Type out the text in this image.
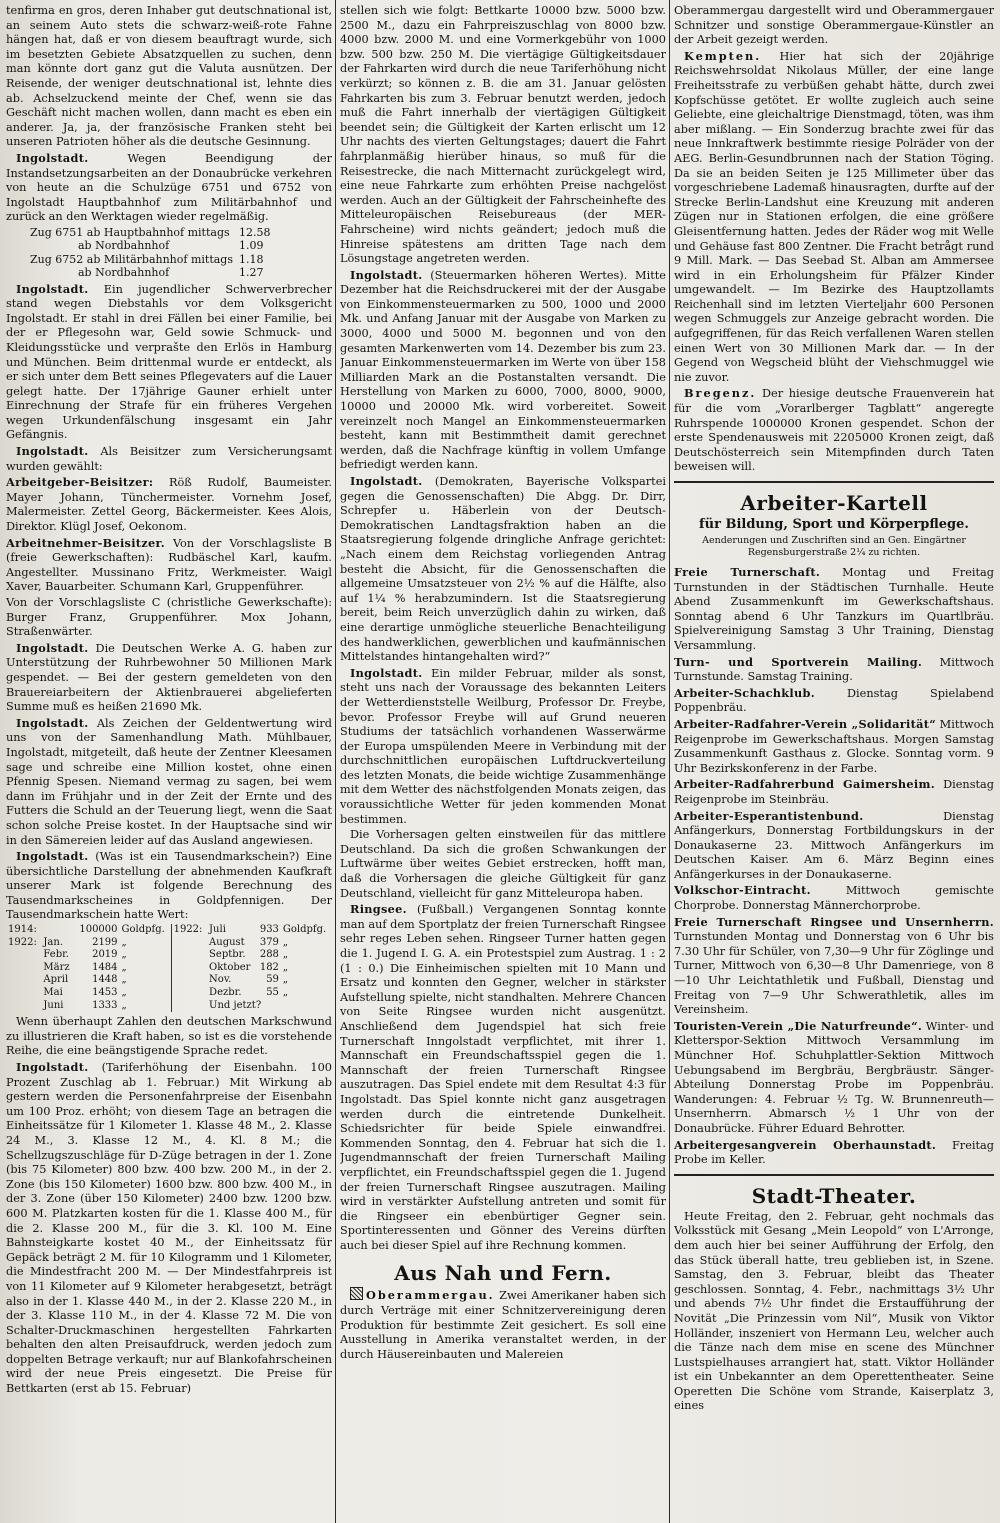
tenfirma en gros, deren Inhaber gut deutschnational ist, an seinem Auto stets die schwarz-weiß-rote Fahne hängen hat, daß er von diesem beauftragt wurde, sich im besetzten Gebiete Absatzquellen zu suchen, denn man könnte dort ganz gut die Valuta ausnützen. Der Reisende, der weniger deutschnational ist, lehnte dies ab. Achselzuckend meinte der Chef, wenn sie das Geschäft nicht machen wollen, dann macht es eben ein anderer. Ja, ja, der französische Franken steht bei unseren Patrioten höher als die deutsche Gesinnung.

Ingolstadt.	Wegen Beendigung der Instandsetzungsarbeiten an der Donaubrücke verkehren von heute an die Schulzüge 6751 und 6752 von Ingolstadt Hauptbahnhof zum Militärbahnhof und zurück an den Werktagen wieder regelmäßig.

Zug 6751 ab Hauptbahnhof mittags	12.58
ab Nordbahnhof	1.09
Zug 6752 ab Militärbahnhof mittags	1.18
ab Nordbahnhof	1.27

Ingolstadt. Ein jugendlicher Schwerverbrecher stand wegen Diebstahls vor dem Volksgericht Ingolstadt. Er stahl in drei Fällen bei einer Familie, bei der er Pflegesohn war, Geld sowie Schmuck- und Kleidungsstücke und verprašte den Erlös in Hamburg und München. Beim drittenmal wurde er entdeckt, als er sich unter dem Bett seines Pflegevaters auf die Lauer gelegt hatte. Der 17jährige Gauner erhielt unter Einrechnung der Strafe für ein früheres Vergehen wegen Urkundenfälschung insgesamt ein Jahr Gefängnis.

Ingolstadt. Als Beisitzer zum Versicherungsamt wurden gewählt:

Arbeitgeber-Beisitzer: Röß Rudolf, Baumeister. Mayer Johann, Tünchermeister. Vornehm Josef, Malermeister. Zettel Georg, Bäckermeister. Kees Alois, Direktor. Klügl Josef, Oekonom.

Arbeitnehmer-Beisitzer. Von der Vorschlagsliste B (freie Gewerkschaften): Rudbäschel Karl, kaufm. Angestellter. Mussinano Fritz, Werkmeister. Waigl Xaver, Bauarbeiter. Schumann Karl, Gruppenführer.

Von der Vorschlagsliste C (christliche Gewerkschafte): Burger Franz, Gruppenführer. Mox Johann, Straßenwärter.

Ingolstadt. Die Deutschen Werke A. G. haben zur Unterstützung der Ruhrbewohner 50 Millionen Mark gespendet. — Bei der gestern gemeldeten von den Brauereiarbeitern der Aktienbrauerei abgelieferten Summe muß es heißen 21690 Mk.

Ingolstadt. Als Zeichen der Geldentwertung wird uns von der Samenhandlung Math. Mühlbauer, Ingolstadt, mitgeteilt, daß heute der Zentner Kleesamen sage und schreibe eine Million kostet, ohne einen Pfennig Spesen. Niemand vermag zu sagen, bei wem dann im Frühjahr und in der Zeit der Ernte und des Futters die Schuld an der Teuerung liegt, wenn die Saat schon solche Preise kostet. In der Hauptsache sind wir in den Sämereien leider auf das Ausland angewiesen.

Ingolstadt. (Was ist ein Tausendmarkschein?) Eine übersichtliche Darstellung der abnehmenden Kaufkraft unserer Mark ist folgende Berechnung des Tausendmarkscheines in Goldpfennigen. Der Tausendmarkschein hatte Wert:

1914:		100000	Goldpfg.	1922:	Juli	933	Goldpfg.
1922:	Jan.	2199	„		August	379	„
	Febr.	2019	„		Septbr.	288	„
	März	1484	„		Oktober	182	„
	April	1448	„		Nov.	59	„
	Mai	1453	„		Dezbr.	55	„
	Juni	1333	„		Und jetzt?		

Wenn überhaupt Zahlen den deutschen Markschwund zu illustrieren die Kraft haben, so ist es die vorstehende Reihe, die eine beängstigende Sprache redet.

Ingolstadt. (Tariferhöhung der Eisenbahn. 100 Prozent Zuschlag ab 1. Februar.) Mit Wirkung ab gestern werden die Personenfahrpreise der Eisenbahn um 100 Proz. erhöht; von diesem Tage an betragen die Einheitssätze für 1 Kilometer 1. Klasse 48 M., 2. Klasse 24 M., 3. Klasse 12 M., 4. Kl. 8 M.; die Schellzugszuschläge für D-Züge betragen in der 1. Zone (bis 75 Kilometer) 800 bzw. 400 bzw. 200 M., in der 2. Zone (bis 150 Kilometer) 1600 bzw. 800 bzw. 400 M., in der 3. Zone (über 150 Kilometer) 2400 bzw. 1200 bzw. 600 M. Platzkarten kosten für die 1. Klasse 400 M., für die 2. Klasse 200 M., für die 3. Kl. 100 M. Eine Bahnsteigkarte kostet 40 M., der Einheitssatz für Gepäck beträgt 2 M. für 10 Kilogramm und 1 Kilometer, die Mindestfracht 200 M. — Der Mindestfahrpreis ist von 11 Kilometer auf 9 Kilometer herabgesetzt, beträgt also in der 1. Klasse 440 M., in der 2. Klasse 220 M., in der 3. Klasse 110 M., in der 4. Klasse 72 M. Die von Schalter-Druckmaschinen hergestellten Fahrkarten behalten den alten Preisaufdruck, werden jedoch zum doppelten Betrage verkauft; nur auf Blankofahrscheinen wird der neue Preis eingesetzt. Die Preise für Bettkarten (erst ab 15. Februar)

stellen sich wie folgt: Bettkarte 10000 bzw. 5000 bzw. 2500 M., dazu ein Fahrpreiszuschlag von 8000 bzw. 4000 bzw. 2000 M. und eine Vormerkgebühr von 1000 bzw. 500 bzw. 250 M. Die viertägige Gültigkeitsdauer der Fahrkarten wird durch die neue Tariferhöhung nicht verkürzt; so können z. B. die am 31. Januar gelösten Fahrkarten bis zum 3. Februar benutzt werden, jedoch muß die Fahrt innerhalb der viertägigen Gültigkeit beendet sein; die Gültigkeit der Karten erlischt um 12 Uhr nachts des vierten Geltungstages; dauert die Fahrt fahrplanmäßig hierüber hinaus, so muß für die Reisestrecke, die nach Mitternacht zurückgelegt wird, eine neue Fahrkarte zum erhöhten Preise nachgelöst werden. Auch an der Gültigkeit der Fahrscheinhefte des Mitteleuropäischen Reisebureaus (der MER-Fahrscheine) wird nichts geändert; jedoch muß die Hinreise spätestens am dritten Tage nach dem Lösungstage angetreten werden.

Ingolstadt. (Steuermarken höheren Wertes). Mitte Dezember hat die Reichsdruckerei mit der der Ausgabe von Einkommensteuermarken zu 500, 1000 und 2000 Mk. und Anfang Januar mit der Ausgabe von Marken zu 3000, 4000 und 5000 M. begonnen und von den gesamten Markenwerten vom 14. Dezember bis zum 23. Januar Einkommensteuermarken im Werte von über 158 Milliarden Mark an die Postanstalten versandt. Die Herstellung von Marken zu 6000, 7000, 8000, 9000, 10000 und 20000 Mk. wird vorbereitet. Soweit vereinzelt noch Mangel an Einkommensteuermarken besteht, kann mit Bestimmtheit damit gerechnet werden, daß die Nachfrage künftig in vollem Umfange befriedigt werden kann.

Ingolstadt. (Demokraten, Bayerische Volkspartei gegen die Genossenschaften) Die Abgg. Dr. Dirr, Schrepfer u. Häberlein von der Deutsch-Demokratischen Landtagsfraktion haben an die Staatsregierung folgende dringliche Anfrage gerichtet: „Nach einem dem Reichstag vorliegenden Antrag besteht die Absicht, für die Genossenschaften die allgemeine Umsatzsteuer von 2½ % auf die Hälfte, also auf 1¼ % herabzumindern. Ist die Staatsregierung bereit, beim Reich unverzüglich dahin zu wirken, daß eine derartige unmögliche steuerliche Benachteiligung des handwerklichen, gewerblichen und kaufmännischen Mittelstandes hintangehalten wird?“

Ingolstadt. Ein milder Februar, milder als sonst, steht uns nach der Voraussage des bekannten Leiters der Wetterdienststelle Weilburg, Professor Dr. Freybe, bevor. Professor Freybe will auf Grund neueren Studiums der tatsächlich vorhandenen Wasserwärme der Europa umspülenden Meere in Verbindung mit der durchschnittlichen europäischen Luftdruckverteilung des letzten Monats, die beide wichtige Zusammenhänge mit dem Wetter des nächstfolgenden Monats zeigen, das voraussichtliche Wetter für jeden kommenden Monat bestimmen.

Die Vorhersagen gelten einstweilen für das mittlere Deutschland. Da sich die großen Schwankungen der Luftwärme über weites Gebiet erstrecken, hofft man, daß die Vorhersagen die gleiche Gültigkeit für ganz Deutschland, vielleicht für ganz Mitteleuropa haben.

Ringsee. (Fußball.) Vergangenen Sonntag konnte man auf dem Sportplatz der freien Turnerschaft Ringsee sehr reges Leben sehen. Ringseer Turner hatten gegen die 1. Jugend I. G. A. ein Protestspiel zum Austrag. 1 : 2 (1 : 0.) Die Einheimischen spielten mit 10 Mann und Ersatz und konnten den Gegner, welcher in stärkster Aufstellung spielte, nicht standhalten. Mehrere Chancen von Seite Ringsee wurden nicht ausgenützt. Anschließend dem Jugendspiel hat sich freie Turnerschaft Inngolstadt verpflichtet, mit ihrer 1. Mannschaft ein Freundschaftsspiel gegen die 1. Mannschaft der freien Turnerschaft Ringsee auszutragen. Das Spiel endete mit dem Resultat 4:3 für Ingolstadt. Das Spiel konnte nicht ganz ausgetragen werden durch die eintretende Dunkelheit. Schiedsrichter für beide Spiele einwandfrei. Kommenden Sonntag, den 4. Februar hat sich die 1. Jugendmannschaft der freien Turnerschaft Mailing verpflichtet, ein Freundschaftsspiel gegen die 1. Jugend der freien Turnerschaft Ringsee auszutragen. Mailing wird in verstärkter Aufstellung antreten und somit für die Ringseer ein ebenbürtiger Gegner sein. Sportinteressenten und Gönner des Vereins dürften auch bei dieser Spiel auf ihre Rechnung kommen.

Aus Nah und Fern.

Oberammergau. Zwei Amerikaner haben sich durch Verträge mit einer Schnitzervereinigung deren Produktion für bestimmte Zeit gesichert. Es soll eine Ausstellung in Amerika veranstaltet werden, in der durch Häusereinbauten und Malereien

Oberammergau dargestellt wird und Oberammergauer Schnitzer und sonstige Oberammergaue-Künstler an der Arbeit gezeigt werden.

Kempten. Hier hat sich der 20jährige Reichswehrsoldat Nikolaus Müller, der eine lange Freiheitsstrafe zu verbüßen gehabt hätte, durch zwei Kopfschüsse getötet. Er wollte zugleich auch seine Geliebte, eine gleichaltrige Dienstmagd, töten, was ihm aber mißlang. — Ein Sonderzug brachte zwei für das neue Innkraftwerk bestimmte riesige Polräder von der AEG. Berlin-Gesundbrunnen nach der Station Töging. Da sie an beiden Seiten je 125 Millimeter über das vorgeschriebene Lademaß hinausragten, durfte auf der Strecke Berlin-Landshut eine Kreuzung mit anderen Zügen nur in Stationen erfolgen, die eine größere Gleisentfernung hatten. Jedes der Räder wog mit Welle und Gehäuse fast 800 Zentner. Die Fracht betrågt rund 9 Mill. Mark. — Das Seebad St. Alban am Ammersee wird in ein Erholungsheim für Pfälzer Kinder umgewandelt. — Im Bezirke des Hauptzollamts Reichenhall sind im letzten Vierteljahr 600 Personen wegen Schmuggels zur Anzeige gebracht worden. Die aufgegriffenen, für das Reich verfallenen Waren stellen einen Wert von 30 Millionen Mark dar. — In der Gegend von Wegscheid blüht der Viehschmuggel wie nie zuvor.

Bregenz. Der hiesige deutsche Frauenverein hat für die vom „Vorarlberger Tagblatt“ angeregte Ruhrspende 1000000 Kronen gespendet. Schon der erste Spendenausweis mit 2205000 Kronen zeigt, daß Deutschösterreich sein Mitempfinden durch Taten beweisen will.

Arbeiter-Kartell
für Bildung, Sport und Körperpflege.
Aenderungen und Zuschriften sind an Gen. Eingärtner Regensburgerstraße 2¼ zu richten.

Freie Turnerschaft. Montag und Freitag Turnstunden in der Städtischen Turnhalle. Heute Abend Zusammenkunft im Gewerkschaftshaus. Sonntag abend 6 Uhr Tanzkurs im Quartlbräu. Spielvereinigung Samstag 3 Uhr Training, Dienstag Versammlung.

Turn- und Sportverein Mailing. Mittwoch Turnstunde. Samstag Training.

Arbeiter-Schachklub.	Dienstag Spielabend Poppenbräu.

Arbeiter-Radfahrer-Verein „Solidarität“ Mittwoch Reigenprobe im Gewerkschaftshaus. Morgen Samstag Zusammenkunft Gasthaus z. Glocke. Sonntag vorm. 9 Uhr Bezirkskonferenz in der Farbe.

Arbeiter-Radfahrerbund Gaimersheim. Dienstag Reigenprobe im Steinbräu.

Arbeiter-Esperantistenbund.	Dienstag Anfängerkurs, Donnerstag Fortbildungskurs in der Donaukaserne 23. Mittwoch Anfängerkurs im Deutschen Kaiser. Am 6. März Beginn eines Anfängerkurses in der Donaukaserne.

Volkschor-Eintracht.	Mittwoch gemischte Chorprobe. Donnerstag Männerchorprobe.

Freie Turnerschaft Ringsee und Unsernherrn. Turnstunden Montag und Donnerstag von 6 Uhr bis 7.30 Uhr für Schüler, von 7,30—9 Uhr für Zöglinge und Turner, Mittwoch von 6,30—8 Uhr Damenriege, von 8—10 Uhr Leichtathletik und Fußball, Dienstag und Freitag von 7—9 Uhr Schwerathletik, alles im Vereinsheim.

Touristen-Verein „Die Naturfreunde“. Winter- und Kletterspor-Sektion Mittwoch Versammlung im Münchner Hof. Schuhplattler-Sektion Mittwoch Uebungsabend im Bergbräu, Bergbräustr. Sänger-Abteilung Donnerstag Probe im Poppenbräu. Wanderungen: 4. Februar ½ Tg. W. Brunnenreuth—Unsernherrn. Abmarsch ½ 1 Uhr von der Donaubrücke. Führer Eduard Behrotter.

Arbeitergesangverein Oberhaunstadt. Freitag Probe im Keller.

Stadt-Theater.

Heute Freitag, den 2. Februar, geht nochmals das Volksstück mit Gesang „Mein Leopold“ von L'Arronge, dem auch hier bei seiner Aufführung der Erfolg, den das Stück überall hatte, treu geblieben ist, in Szene. Samstag, den 3. Februar, bleibt das Theater geschlossen. Sonntag, 4. Febr., nachmittags 3½ Uhr und abends 7½ Uhr findet die Erstaufführung der Novität „Die Prinzessin vom Nil“, Musik von Viktor Holländer, inszeniert von Hermann Leu, welcher auch die Tänze nach dem mise en scene des Münchner Lustspielhauses arrangiert hat, statt. Viktor Holländer ist ein Unbekannter an dem Operettentheater. Seine Operetten Die Schöne vom Strande, Kaiserplatz 3, eines
